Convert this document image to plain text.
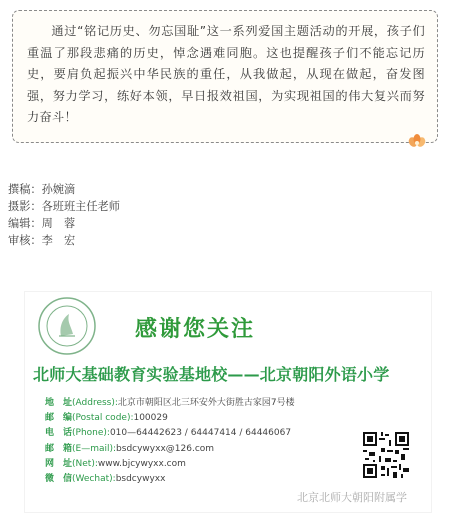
通过“铭记历史、勿忘国耻”这一系列爱国主题活动的开展，孩子们重温了那段悲痛的历史，悼念遇难同胞。这也提醒孩子们不能忘记历史，要肩负起振兴中华民族的重任，从我做起，从现在做起，奋发图强，努力学习，练好本领，早日报效祖国，为实现祖国的伟大复兴而努力奋斗！

撰稿：孙婉滴
摄影：各班班主任老师
编辑：周　蓉
审核：李　宏
感谢您关注
北师大基础教育实验基地校——北京朝阳外语小学
地　址 (Address): 北京市朝阳区北三环安外大街胜古家园7号楼
邮　编 (Postal code): 100029
电　话 (Phone): 010—64442623 / 64447414 / 64446067
邮　箱 (E—mail): bsdcywyxx@126.com
网　址 (Net): www.bjcywyxx.com
微　信 (Wechat): bsdcywyxx
北京北师大朝阳附属学
